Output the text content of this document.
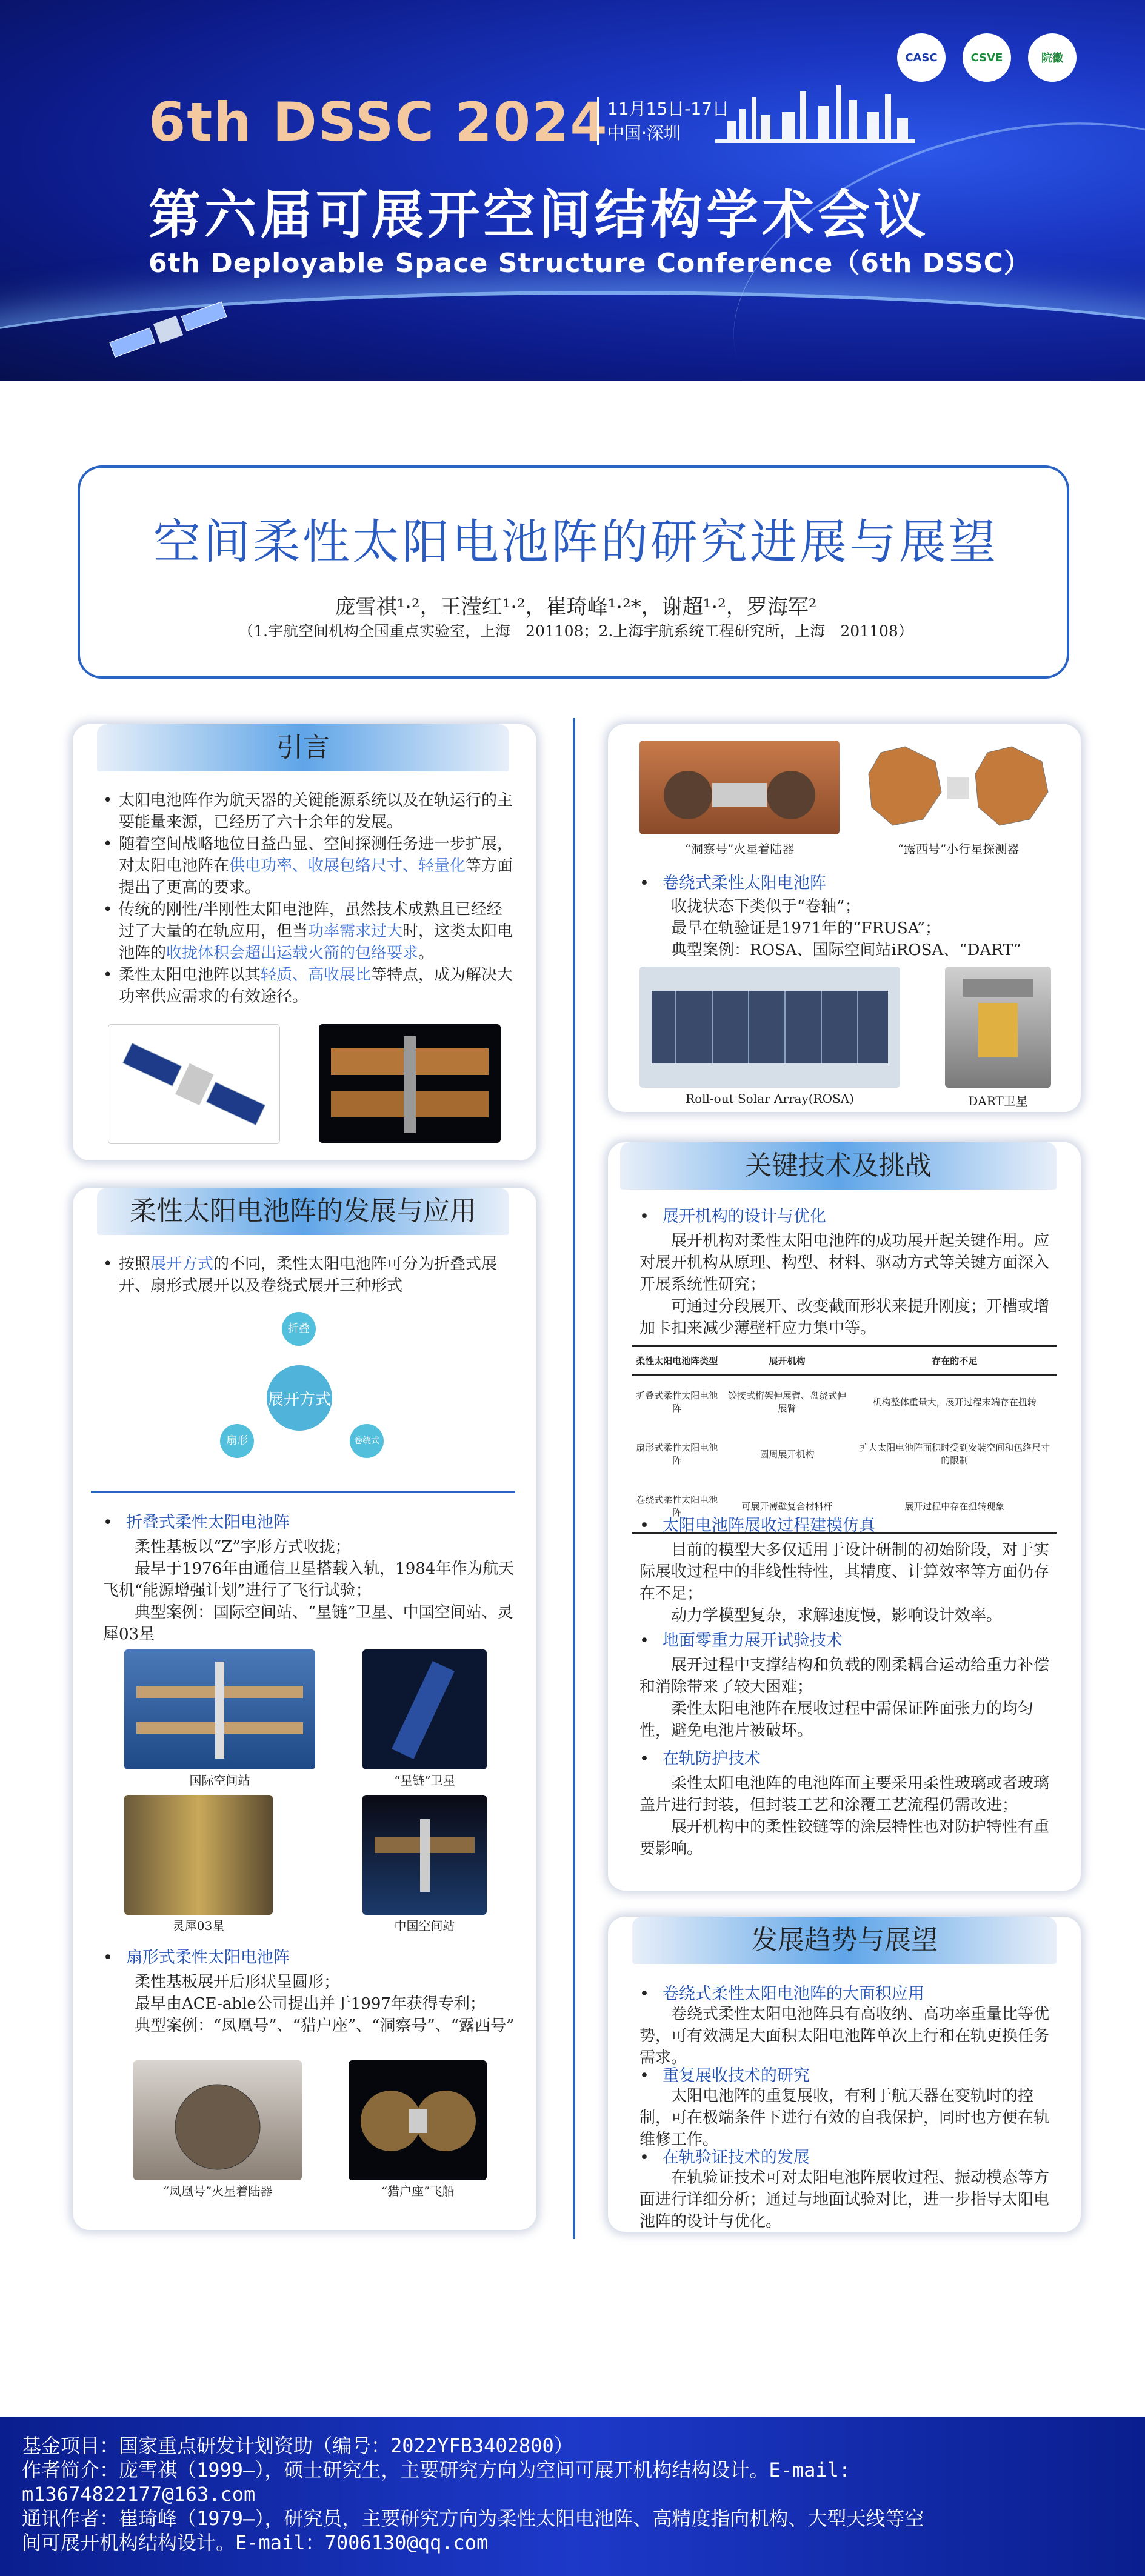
6th DSSC 2024
11月15日-17日
中国·深圳
第六届可展开空间结构学术会议
6th Deployable Space Structure Conference（6th DSSC）
CASC	CSVE	院徽
空间柔性太阳电池阵的研究进展与展望
庞雪祺¹·²，王滢红¹·²，崔琦峰¹·²*，谢超¹·²，罗海军²
（1.宇航空间机构全国重点实验室，上海　201108；2.上海宇航系统工程研究所，上海　201108）
引言

• 太阳电池阵作为航天器的关键能源系统以及在轨运行的主要能量来源，已经历了六十余年的发展。

• 随着空间战略地位日益凸显、空间探测任务进一步扩展，对太阳电池阵在供电功率、收展包络尺寸、轻量化等方面提出了更高的要求。

• 传统的刚性/半刚性太阳电池阵，虽然技术成熟且已经经过了大量的在轨应用，但当功率需求过大时，这类太阳电池阵的收拢体积会超出运载火箭的包络要求。

• 柔性太阳电池阵以其轻质、高收展比等特点，成为解决大功率供应需求的有效途径。

柔性太阳电池阵的发展与应用

• 按照展开方式的不同，柔性太阳电池阵可分为折叠式展开、扇形式展开以及卷绕式展开三种形式

折叠
展开方式
扇形	卷绕式
• 折叠式柔性太阳电池阵

柔性基板以“Z”字形方式收拢；

最早于1976年由通信卫星搭载入轨，1984年作为航天飞机“能源增强计划”进行了飞行试验；

典型案例：国际空间站、“星链”卫星、中国空间站、灵犀03星

国际空间站	“星链”卫星
灵犀03星	中国空间站
• 扇形式柔性太阳电池阵

柔性基板展开后形状呈圆形；

最早由ACE-able公司提出并于1997年获得专利；

典型案例：“凤凰号”、“猎户座”、“洞察号”、“露西号”

“凤凰号”火星着陆器	“猎户座”飞船
“洞察号”火星着陆器	“露西号”小行星探测器
• 卷绕式柔性太阳电池阵

收拢状态下类似于“卷轴”；

最早在轨验证是1971年的“FRUSA”；

典型案例：ROSA、国际空间站iROSA、“DART”

Roll-out Solar Array(ROSA)	DART卫星
关键技术及挑战
• 展开机构的设计与优化

展开机构对柔性太阳电池阵的成功展开起关键作用。应对展开机构从原理、构型、材料、驱动方式等关键方面深入开展系统性研究；

可通过分段展开、改变截面形状来提升刚度；开槽或增加卡扣来减少薄壁杆应力集中等。

柔性太阳电池阵类型	展开机构	存在的不足
折叠式柔性太阳电池阵	铰接式桁架伸展臂、盘绕式伸展臂	机构整体重量大，展开过程末端存在扭转
扇形式柔性太阳电池阵	圆周展开机构	扩大太阳电池阵面积时受到安装空间和包络尺寸的限制
卷绕式柔性太阳电池阵	可展开薄壁复合材料杆	展开过程中存在扭转现象
• 太阳电池阵展收过程建模仿真

目前的模型大多仅适用于设计研制的初始阶段，对于实际展收过程中的非线性特性，其精度、计算效率等方面仍存在不足；

动力学模型复杂，求解速度慢，影响设计效率。

• 地面零重力展开试验技术

展开过程中支撑结构和负载的刚柔耦合运动给重力补偿和消除带来了较大困难；

柔性太阳电池阵在展收过程中需保证阵面张力的均匀性，避免电池片被破坏。

• 在轨防护技术

柔性太阳电池阵的电池阵面主要采用柔性玻璃或者玻璃盖片进行封装，但封装工艺和涂覆工艺流程仍需改进；

展开机构中的柔性铰链等的涂层特性也对防护特性有重要影响。

发展趋势与展望
• 卷绕式柔性太阳电池阵的大面积应用

卷绕式柔性太阳电池阵具有高收纳、高功率重量比等优势，可有效满足大面积太阳电池阵单次上行和在轨更换任务需求。

• 重复展收技术的研究

太阳电池阵的重复展收，有利于航天器在变轨时的控制，可在极端条件下进行有效的自我保护，同时也方便在轨维修工作。

• 在轨验证技术的发展

在轨验证技术可对太阳电池阵展收过程、振动模态等方面进行详细分析；通过与地面试验对比，进一步指导太阳电池阵的设计与优化。

基金项目：国家重点研发计划资助（编号：2022YFB3402800）
作者简介：庞雪祺（1999—），硕士研究生，主要研究方向为空间可展开机构结构设计。E-mail:
m13674822177@163.com
通讯作者：崔琦峰（1979—），研究员，主要研究方向为柔性太阳电池阵、高精度指向机构、大型天线等空
间可展开机构结构设计。E-mail：7006130@qq.com
